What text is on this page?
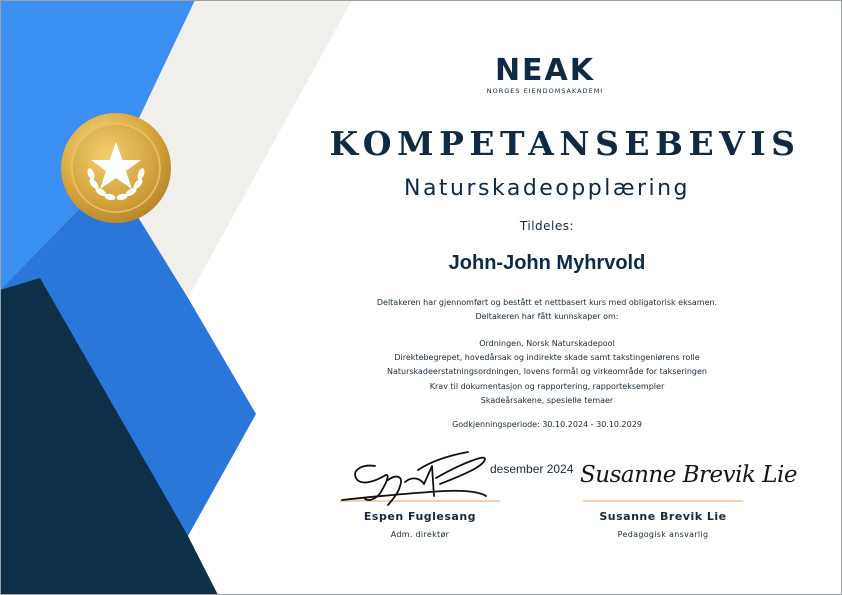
NEAK
NORGES EIENDOMSAKADEMI
KOMPETANSEBEVIS
Naturskadeopplæring
Tildeles:
John-John Myhrvold
Deltakeren har gjennomført og bestått et nettbasert kurs med obligatorisk eksamen.
Deltakeren har fått kunnskaper om:
Ordningen, Norsk Naturskadepool
Direktebegrepet, hovedårsak og indirekte skade samt takstingeniørens rolle
Naturskadeerstatningsordningen, lovens formål og virkeområde for takseringen
Krav til dokumentasjon og rapportering, rapporteksempler
Skadeårsakene, spesielle temaer
Godkjenningsperiode: 30.10.2024 - 30.10.2029
desember 2024 Susanne Brevik Lie
Espen Fuglesang
Adm. direktør
Susanne Brevik Lie
Pedagogisk ansvarlig
